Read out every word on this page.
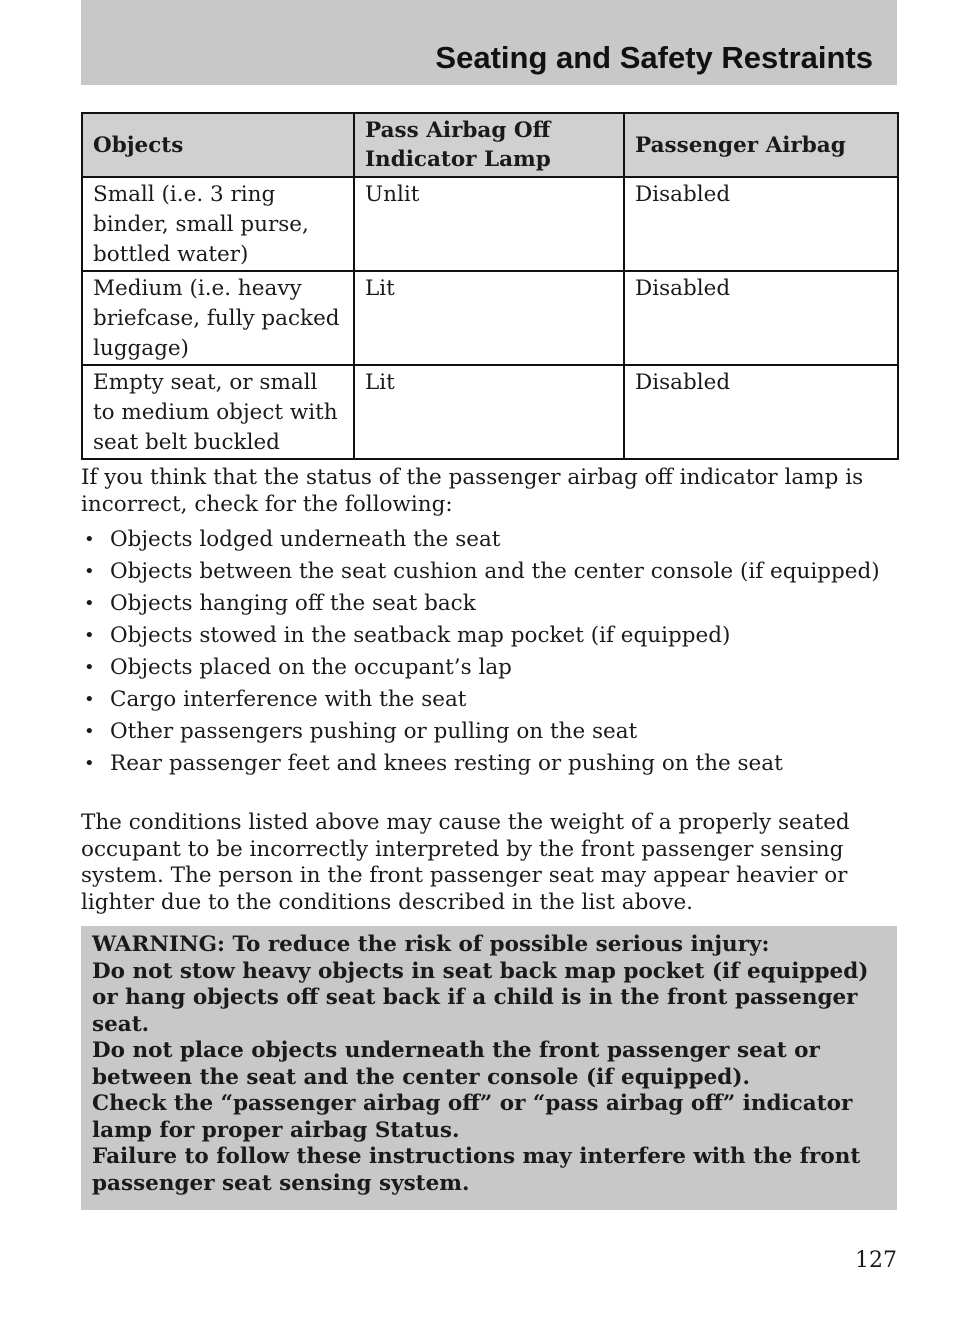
Seating and Safety Restraints
Objects	Pass Airbag Off Indicator Lamp	Passenger Airbag
Small (i.e. 3 ring binder, small purse, bottled water)	Unlit	Disabled
Medium (i.e. heavy briefcase, fully packed luggage)	Lit	Disabled
Empty seat, or small to medium object with seat belt buckled	Lit	Disabled

If you think that the status of the passenger airbag off indicator lamp is incorrect, check for the following:

• Objects lodged underneath the seat
• Objects between the seat cushion and the center console (if equipped)
• Objects hanging off the seat back
• Objects stowed in the seatback map pocket (if equipped)
• Objects placed on the occupant’s lap
• Cargo interference with the seat
• Other passengers pushing or pulling on the seat
• Rear passenger feet and knees resting or pushing on the seat

The conditions listed above may cause the weight of a properly seated occupant to be incorrectly interpreted by the front passenger sensing system. The person in the front passenger seat may appear heavier or lighter due to the conditions described in the list above.

WARNING: To reduce the risk of possible serious injury:

Do not stow heavy objects in seat back map pocket (if equipped) or hang objects off seat back if a child is in the front passenger seat.

Do not place objects underneath the front passenger seat or between the seat and the center console (if equipped).

Check the “passenger airbag off” or “pass airbag off” indicator lamp for proper airbag Status.

Failure to follow these instructions may interfere with the front passenger seat sensing system.

127
